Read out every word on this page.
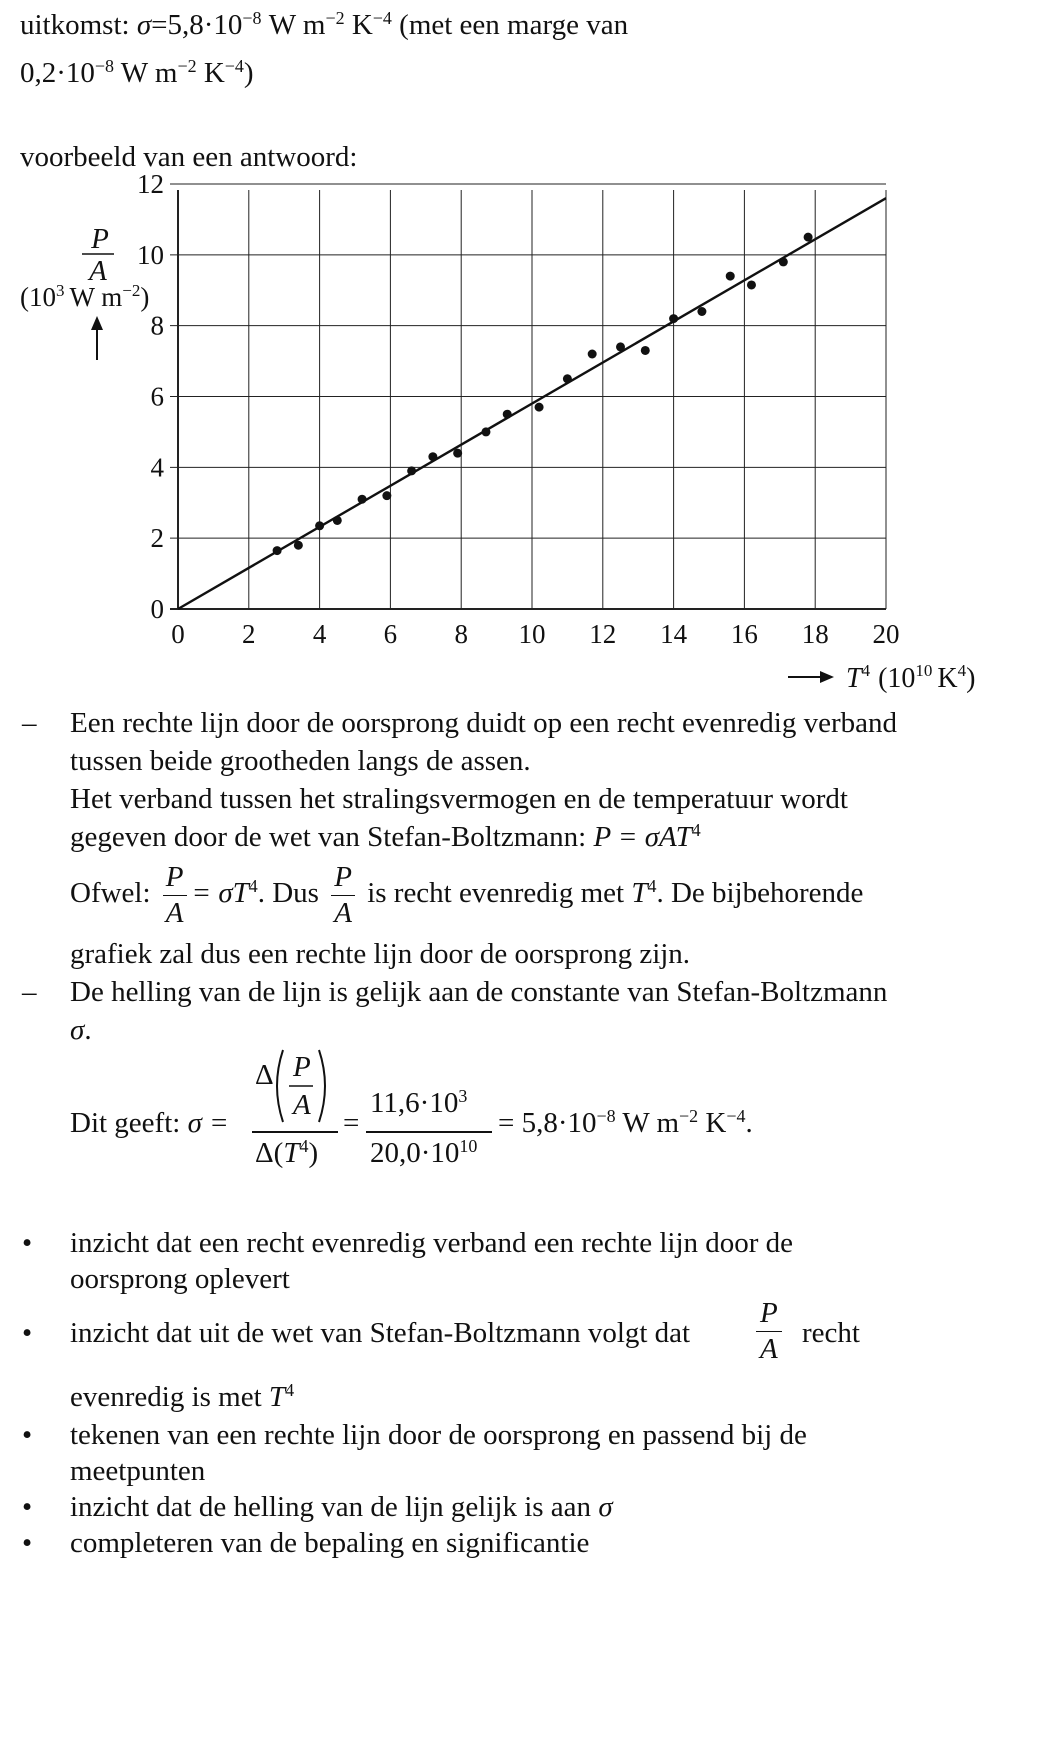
uitkomst: $\sigma=5,8\cdot 10^{-8}$ W $m^{-2}$ $K^{-4}$ (met een marge van
$0,2\cdot 10^{-8}$ W $m^{-2}$ $K^{-4}$)
voorbeeld van een antwoord:
0 2 4 6 8 10 12 14 16 18 20
0
2
4
6
8
10
12
P
A
($10^3$ W $m^{-2}$)
$T^4$ ($10^{10}$ $K^4$)
– Een rechte lijn door de oorsprong duidt op een recht evenredig verband
tussen beide grootheden langs de assen.
Het verband tussen het stralingsvermogen en de temperatuur wordt
gegeven door de wet van Stefan-Boltzmann: P = σAT$^4$
Ofwel: $\frac{P}{A} = \sigma T^4$. Dus $\frac{P}{A}$ is recht evenredig met $T^4$. De bijbehorende
grafiek zal dus een rechte lijn door de oorsprong zijn.
– De helling van de lijn is gelijk aan de constante van Stefan-Boltzmann
σ.
Dit geeft: σ =
Δ P
A
$\Delta(T^4)$
=
$11,6\cdot 10^3$
$20,0\cdot 10^{10}$
= $5,8\cdot 10^{-8}$ W $m^{-2}$ $K^{-4}$.
• inzicht dat een recht evenredig verband een rechte lijn door de
oorsprong oplevert
• inzicht dat uit de wet van Stefan-Boltzmann volgt dat $\frac{P}{A}$ recht
evenredig is met $T^4$
• tekenen van een rechte lijn door de oorsprong en passend bij de
meetpunten
• inzicht dat de helling van de lijn gelijk is aan σ
• completeren van de bepaling en significantie
